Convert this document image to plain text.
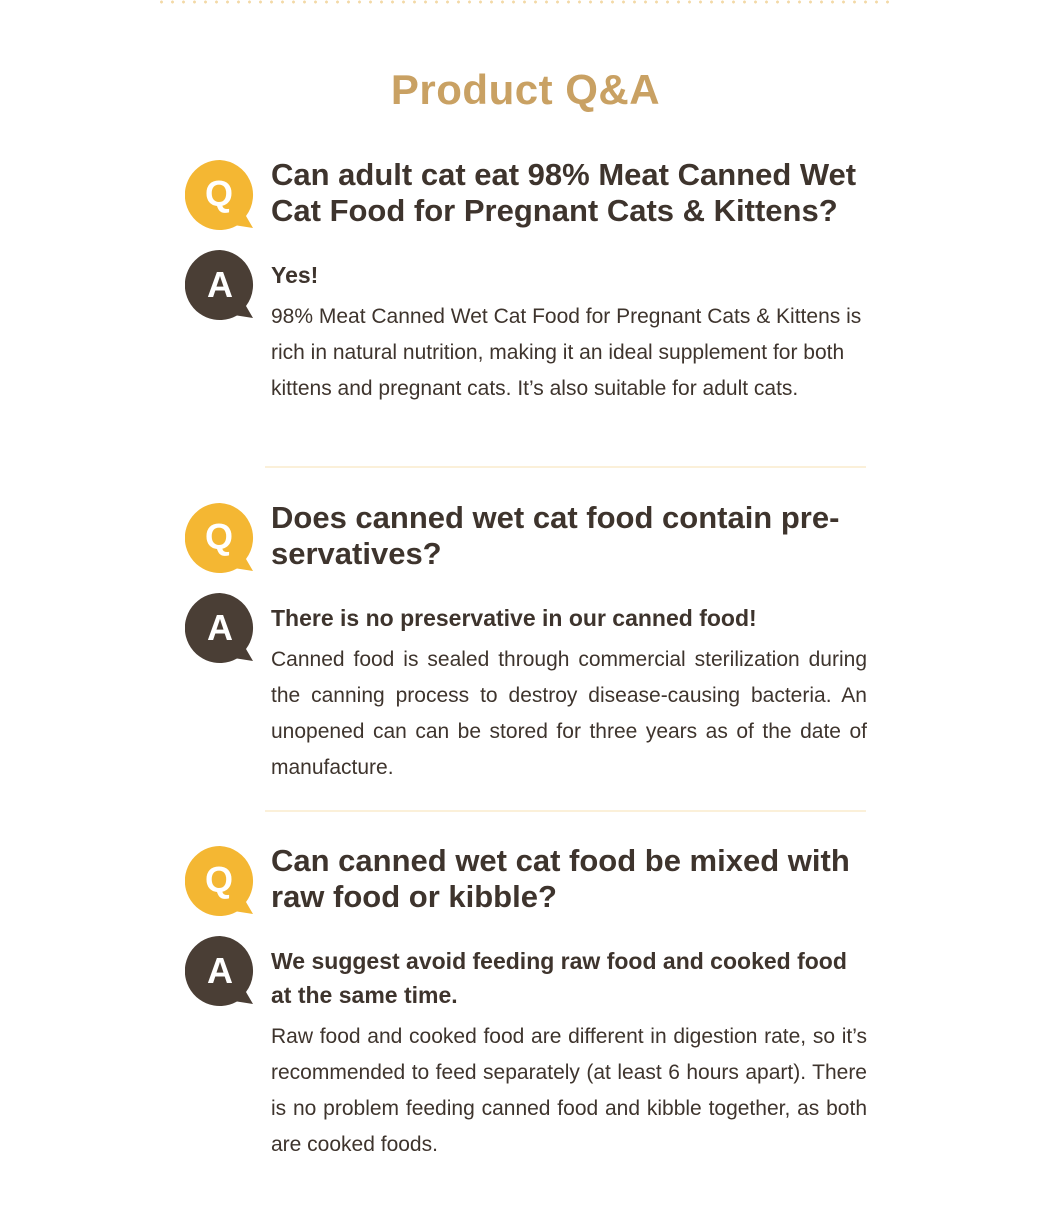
Product Q&A
Q Can adult cat eat 98% Meat Canned Wet Cat Food for Pregnant Cats & Kittens?
A Yes!
98% Meat Canned Wet Cat Food for Pregnant Cats & Kittens is rich in natural nutrition, making it an ideal supplement for both kittens and pregnant cats. It’s also suitable for adult cats.
Q Does canned wet cat food contain pre-servatives?
A There is no preservative in our canned food!
Canned food is sealed through commercial sterilization during the canning process to destroy disease-causing bacteria. An unopened can can be stored for three years as of the date of manufacture.
Q Can canned wet cat food be mixed with raw food or kibble?
A We suggest avoid feeding raw food and cooked food at the same time.
Raw food and cooked food are different in digestion rate, so it’s recommended to feed separately (at least 6 hours apart). There is no problem feeding canned food and kibble together, as both are cooked foods.
